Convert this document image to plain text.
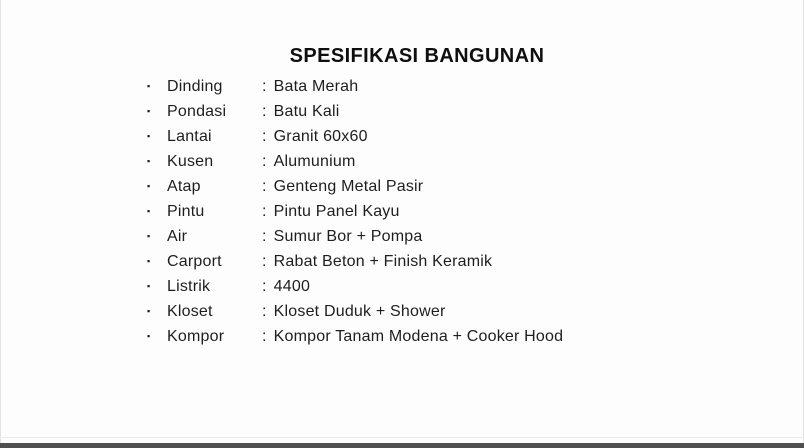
SPESIFIKASI BANGUNAN
▪	Dinding	: Bata Merah
▪	Pondasi	: Batu Kali
▪	Lantai	: Granit 60x60
▪	Kusen	: Alumunium
▪	Atap	: Genteng Metal Pasir
▪	Pintu	: Pintu Panel Kayu
▪	Air	: Sumur Bor + Pompa
▪	Carport	: Rabat Beton + Finish Keramik
▪	Listrik	: 4400
▪	Kloset	: Kloset Duduk + Shower
▪	Kompor	: Kompor Tanam Modena + Cooker Hood
